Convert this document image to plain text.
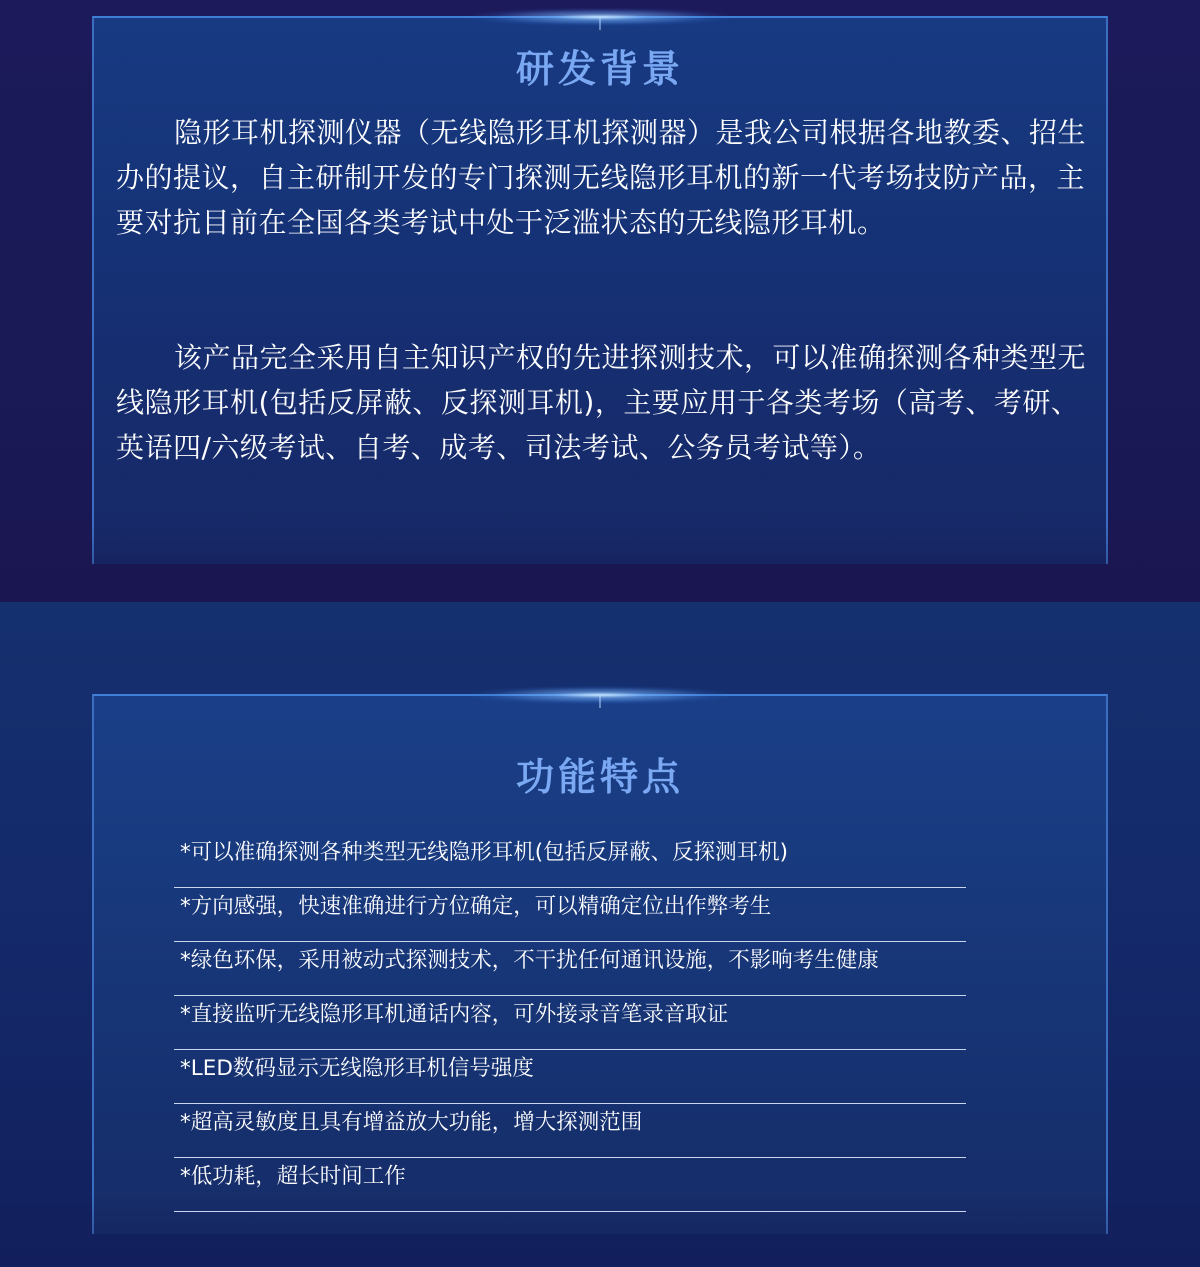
研发背景

隐形耳机探测仪器（无线隐形耳机探测器）是我公司根据各地教委、招生办的提议，自主研制开发的专门探测无线隐形耳机的新一代考场技防产品，主要对抗目前在全国各类考试中处于泛滥状态的无线隐形耳机。

该产品完全采用自主知识产权的先进探测技术，可以准确探测各种类型无线隐形耳机(包括反屏蔽、反探测耳机)，主要应用于各类考场（高考、考研、英语四/六级考试、自考、成考、司法考试、公务员考试等）。

功能特点
*可以准确探测各种类型无线隐形耳机(包括反屏蔽、反探测耳机)
*方向感强，快速准确进行方位确定，可以精确定位出作弊考生
*绿色环保，采用被动式探测技术，不干扰任何通讯设施，不影响考生健康
*直接监听无线隐形耳机通话内容，可外接录音笔录音取证
*LED数码显示无线隐形耳机信号强度
*超高灵敏度且具有增益放大功能，增大探测范围
*低功耗，超长时间工作
